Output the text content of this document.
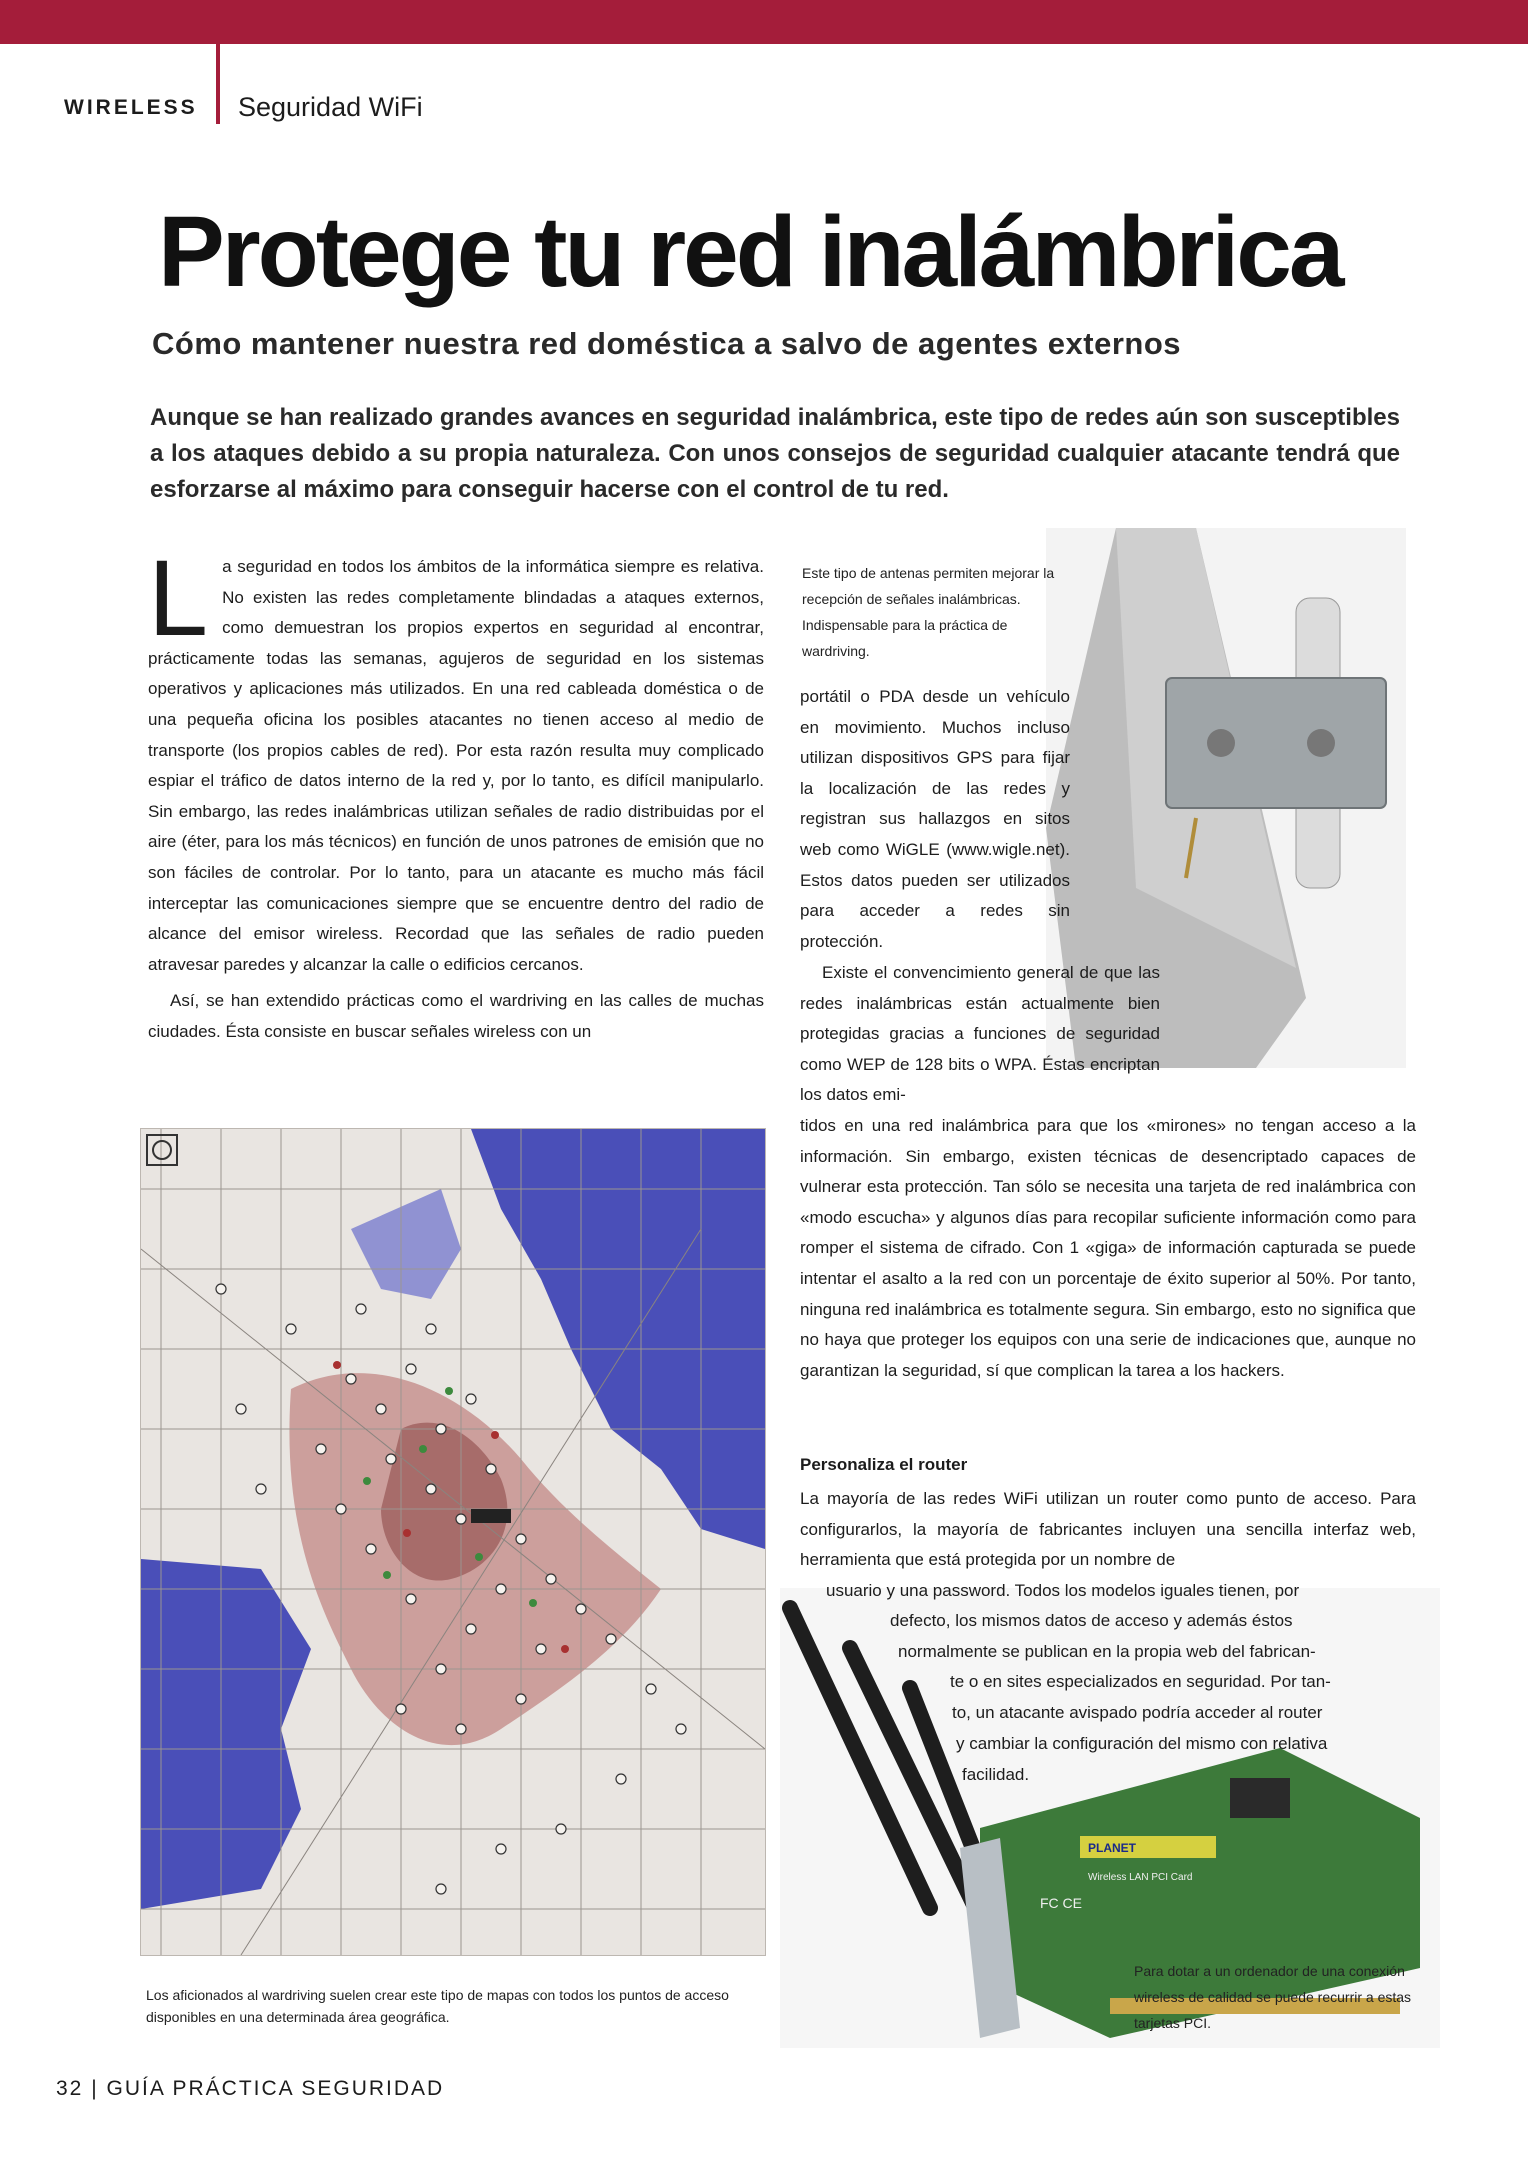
WIRELESS Seguridad WiFi
Protege tu red inalámbrica
Cómo mantener nuestra red doméstica a salvo de agentes externos
Aunque se han realizado grandes avances en seguridad inalámbrica, este tipo de redes aún son susceptibles a los ataques debido a su propia naturaleza. Con unos consejos de seguridad cualquier atacante tendrá que esforzarse al máximo para conseguir hacerse con el control de tu red.

La seguridad en todos los ámbitos de la informática siempre es relativa. No existen las redes completamente blindadas a ataques externos, como demuestran los propios expertos en seguridad al encontrar, prácticamente todas las semanas, agujeros de seguridad en los sistemas operativos y aplicaciones más utilizados. En una red cableada doméstica o de una pequeña oficina los posibles atacantes no tienen acceso al medio de transporte (los propios cables de red). Por esta razón resulta muy complicado espiar el tráfico de datos interno de la red y, por lo tanto, es difícil manipularlo. Sin embargo, las redes inalámbricas utilizan señales de radio distribuidas por el aire (éter, para los más técnicos) en función de unos patrones de emisión que no son fáciles de controlar. Por lo tanto, para un atacante es mucho más fácil interceptar las comunicaciones siempre que se encuentre dentro del radio de alcance del emisor wireless. Recordad que las señales de radio pueden atravesar paredes y alcanzar la calle o edificios cercanos.

Así, se han extendido prácticas como el wardriving en las calles de muchas ciudades. Ésta consiste en buscar señales wireless con un

PLANET
Wireless LAN PCI Card
FC CE
Este tipo de antenas permiten mejorar la recepción de señales inalámbricas. Indispensable para la práctica de wardriving.
portátil o PDA desde un vehículo en movimiento. Muchos incluso utilizan dispositivos GPS para fijar la localización de las redes y registran sus hallazgos en sitos web como WiGLE (www.wigle.net). Estos datos pueden ser utilizados para acceder a redes sin protección.
Existe el convencimiento general de que las redes inalámbricas están actualmente bien protegidas gracias a funciones de seguridad como WEP de 128 bits o WPA. Éstas encriptan los datos emi-
tidos en una red inalámbrica para que los «mirones» no tengan acceso a la información. Sin embargo, existen técnicas de desencriptado capaces de vulnerar esta protección. Tan sólo se necesita una tarjeta de red inalámbrica con «modo escucha» y algunos días para recopilar suficiente información como para romper el sistema de cifrado. Con 1 «giga» de información capturada se puede intentar el asalto a la red con un porcentaje de éxito superior al 50%. Por tanto, ninguna red inalámbrica es totalmente segura. Sin embargo, esto no significa que no haya que proteger los equipos con una serie de indicaciones que, aunque no garantizan la seguridad, sí que complican la tarea a los hackers.
Personaliza el router
La mayoría de las redes WiFi utilizan un router como punto de acceso. Para configurarlos, la mayoría de fabricantes incluyen una sencilla interfaz web, herramienta que está protegida por un nombre de
usuario y una password. Todos los modelos iguales tienen, por
defecto, los mismos datos de acceso y además éstos
normalmente se publican en la propia web del fabrican-
te o en sites especializados en seguridad. Por tan-
to, un atacante avispado podría acceder al router
y cambiar la configuración del mismo con relativa
facilidad.
Los aficionados al wardriving suelen crear este tipo de mapas con todos los puntos de acceso disponibles en una determinada área geográfica.
Para dotar a un ordenador de una conexión wireless de calidad se puede recurrir a estas tarjetas PCI.
32 | GUÍA PRÁCTICA SEGURIDAD
